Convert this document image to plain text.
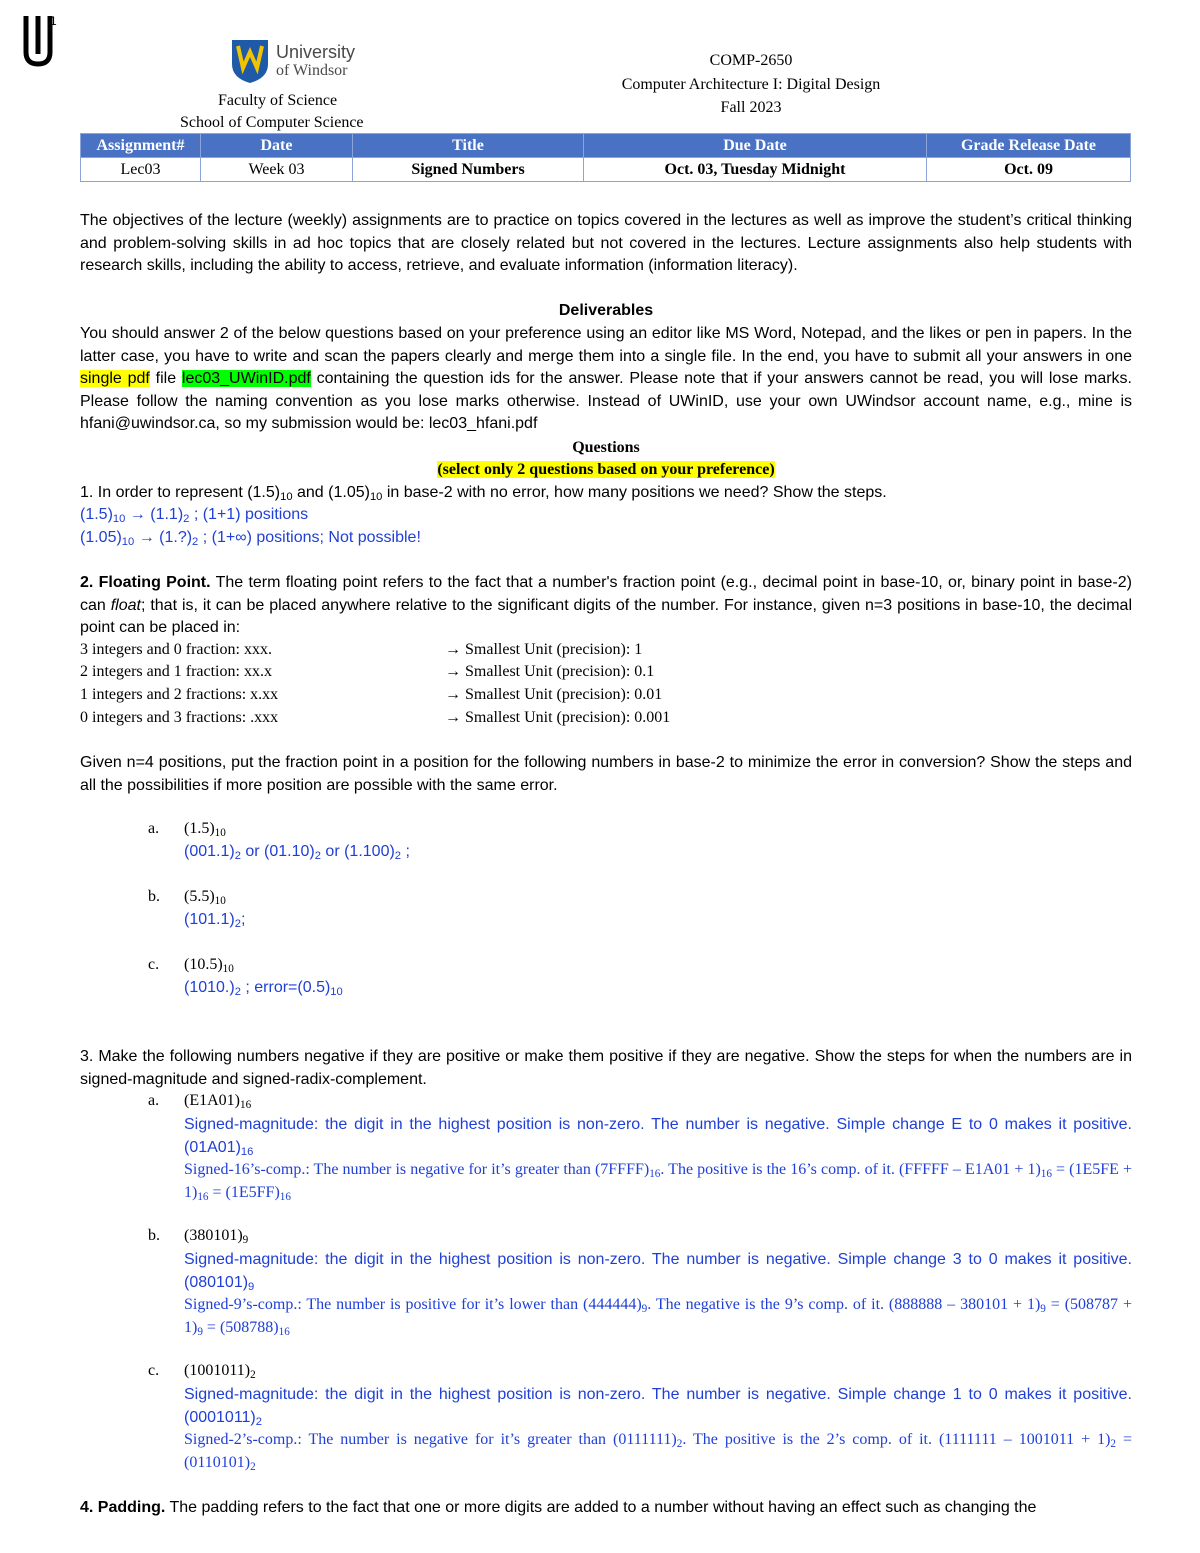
1
University
of Windsor
Faculty of Science
School of Computer Science
COMP-2650
Computer Architecture I: Digital Design
Fall 2023
Assignment#	Date	Title	Due Date	Grade Release Date
Lec03	Week 03	Signed Numbers	Oct. 03, Tuesday Midnight	Oct. 09

The objectives of the lecture (weekly) assignments are to practice on topics covered in the lectures as well as improve the student’s critical thinking and problem-solving skills in ad hoc topics that are closely related but not covered in the lectures. Lecture assignments also help students with research skills, including the ability to access, retrieve, and evaluate information (information literacy).

Deliverables

You should answer 2 of the below questions based on your preference using an editor like MS Word, Notepad, and the likes or pen in papers. In the latter case, you have to write and scan the papers clearly and merge them into a single file. In the end, you have to submit all your answers in one single pdf file lec03_UWinID.pdf containing the question ids for the answer. Please note that if your answers cannot be read, you will lose marks. Please follow the naming convention as you lose marks otherwise. Instead of UWinID, use your own UWindsor account name, e.g., mine is hfani@uwindsor.ca, so my submission would be: lec03_hfani.pdf

Questions

(select only 2 questions based on your preference)

1. In order to represent $(1.5)_{10}$ and $(1.05)_{10}$ in base-2 with no error, how many positions we need? Show the steps.

$(1.5)_{10} \to (1.1)_2$ ; (1+1) positions

$(1.05)_{10}$ → $(1.?)_2$ ; (1+∞) positions; Not possible!

2. Floating Point. The term floating point refers to the fact that a number's fraction point (e.g., decimal point in base-10, or, binary point in base-2) can float; that is, it can be placed anywhere relative to the significant digits of the number. For instance, given n=3 positions in base-10, the decimal point can be placed in:

3 integers and 0 fraction: xxx.	→ Smallest Unit (precision): 1
2 integers and 1 fraction: xx.x	→ Smallest Unit (precision): 0.1
1 integers and 2 fractions: x.xx	→ Smallest Unit (precision): 0.01
0 integers and 3 fractions: .xxx	→ Smallest Unit (precision): 0.001

Given n=4 positions, put the fraction point in a position for the following numbers in base-2 to minimize the error in conversion? Show the steps and all the possibilities if more position are possible with the same error.

a. $(1.5)_{10}$
$(001.1)_2$ or $(01.10)_2$ or $(1.100)_2$ ;
b. $(5.5)_{10}$
$(101.1)_2$;
c. $(10.5)_{10}$
$(1010.)_2$ ; $error=(0.5)_{10}$

3. Make the following numbers negative if they are positive or make them positive if they are negative. Show the steps for when the numbers are in signed-magnitude and signed-radix-complement.

a. $(E1A01)_{16}$
Signed-magnitude: the digit in the highest position is non-zero. The number is negative. Simple change E to 0 makes it positive. $(01A01)_{16}$
Signed-16’s-comp.: The number is negative for it’s greater than $(7FFFF)_{16}$. The positive is the 16’s comp. of it. (FFFFF – $E1A01 + 1)_{16} = (1E5FE + 1)_{16} = (1E5FF)_{16}$
b. $(380101)_9$
Signed-magnitude: the digit in the highest position is non-zero. The number is negative. Simple change 3 to 0 makes it positive. $(080101)_9$
Signed-9’s-comp.: The number is positive for it’s lower than $(444444)_9$. The negative is the 9’s comp. of it. $(888888 - 380101 + 1)_9 = (508787 + 1)_9 = (508788)_{16}$
c. $(1001011)_2$
Signed-magnitude: the digit in the highest position is non-zero. The number is negative. Simple change 1 to 0 makes it positive. $(0001011)_2$
Signed-2’s-comp.: The number is negative for it’s greater than $(0111111)_2$. The positive is the 2’s comp. of it. $(1111111 - 1001011 + 1)_2 = (0110101)_2$

4. Padding. The padding refers to the fact that one or more digits are added to a number without having an effect such as changing the
